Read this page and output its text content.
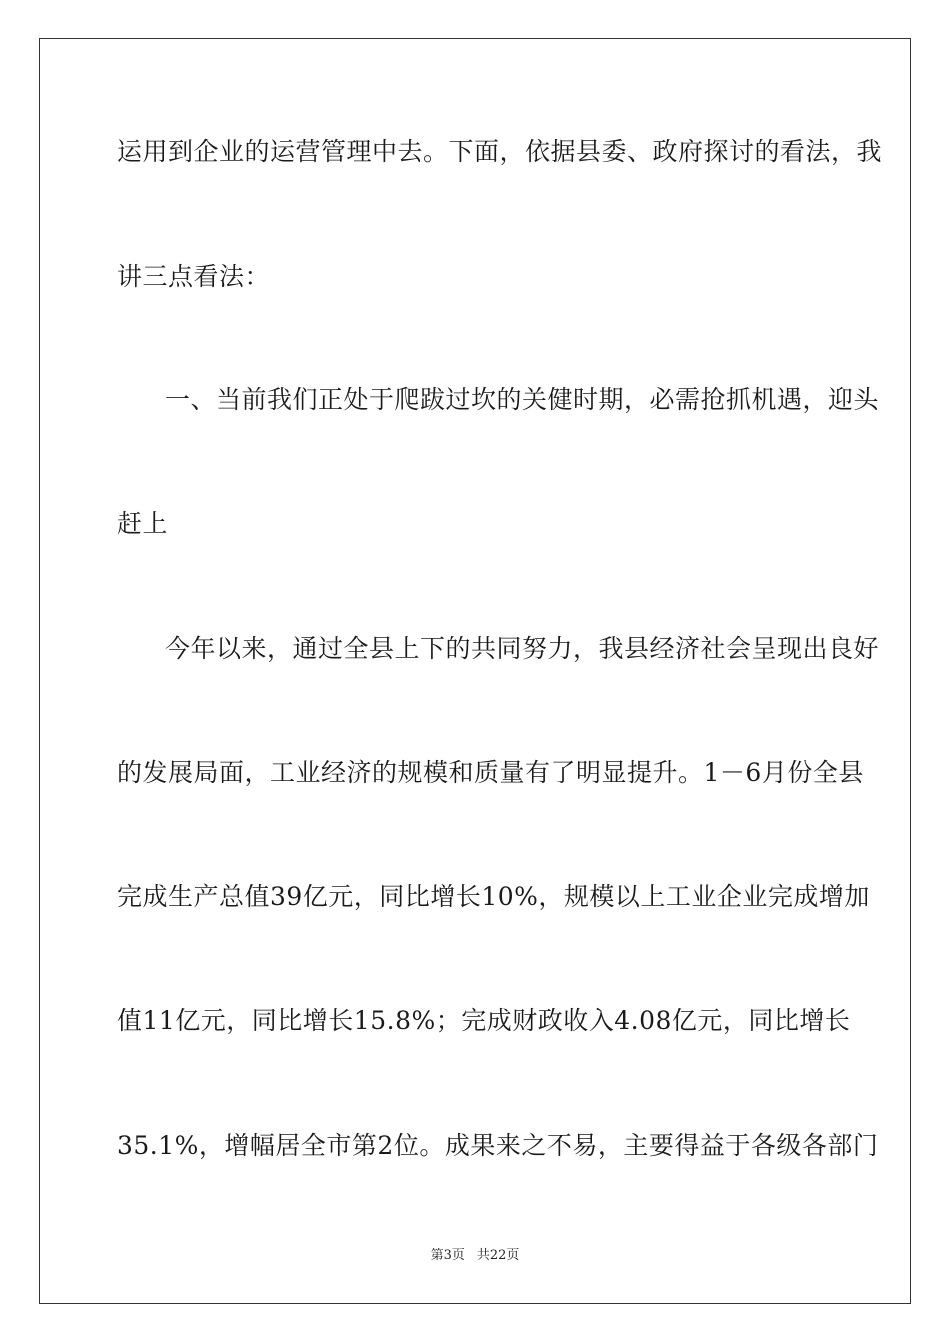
运用到企业的运营管理中去。下面，依据县委、政府探讨的看法，我
讲三点看法：
一、当前我们正处于爬跋过坎的关健时期，必需抢抓机遇，迎头
赶上
今年以来，通过全县上下的共同努力，我县经济社会呈现出良好
的发展局面，工业经济的规模和质量有了明显提升。1－6月份全县
完成生产总值39亿元，同比增长10%，规模以上工业企业完成增加
值11亿元，同比增长15.8%；完成财政收入4.08亿元，同比增长
35.1%，增幅居全市第2位。成果来之不易，主要得益于各级各部门
第3页 共22页
